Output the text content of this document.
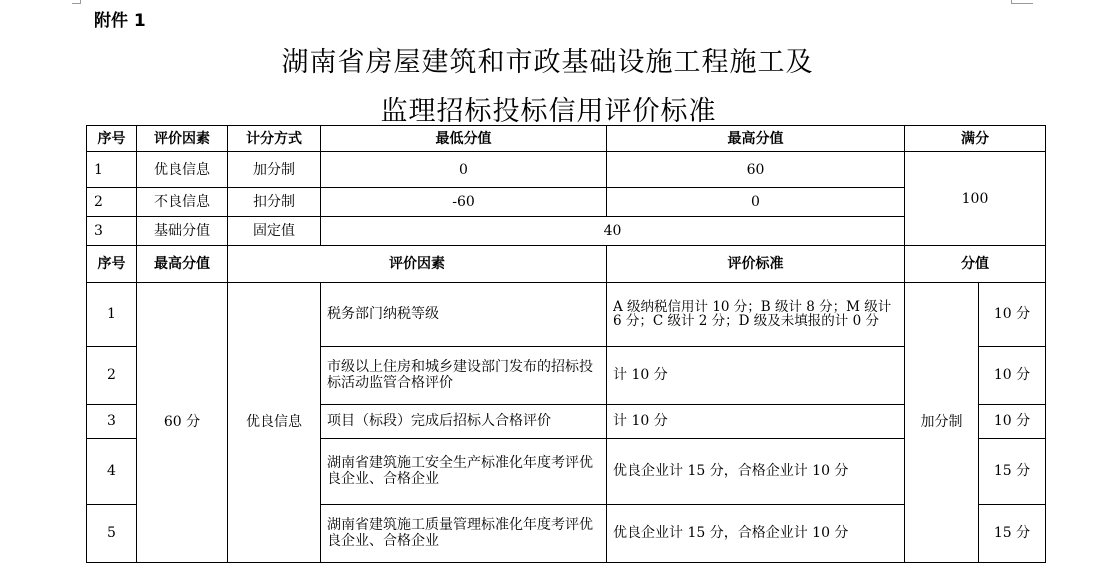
附件 1
湖南省房屋建筑和市政基础设施工程施工及
监理招标投标信用评价标准
序号	评价因素	计分方式	最低分值	最高分值	满分
1	优良信息	加分制	0	60	100
2	不良信息	扣分制	-60	0	
3	基础分值	固定值	40		
序号	最高分值	评价因素		评价标准	分值	
1	60 分	优良信息	税务部门纳税等级	A 级纳税信用计 10 分；B 级计 8 分；M 级计 6 分；C 级计 2 分；D 级及未填报的计 0 分	加分制	10 分
2			市级以上住房和城乡建设部门发布的招标投标活动监管合格评价	计 10 分		10 分
3			项目（标段）完成后招标人合格评价	计 10 分		10 分
4			湖南省建筑施工安全生产标准化年度考评优良企业、合格企业	优良企业计 15 分，合格企业计 10 分		15 分
5			湖南省建筑施工质量管理标准化年度考评优良企业、合格企业	优良企业计 15 分，合格企业计 10 分		15 分
